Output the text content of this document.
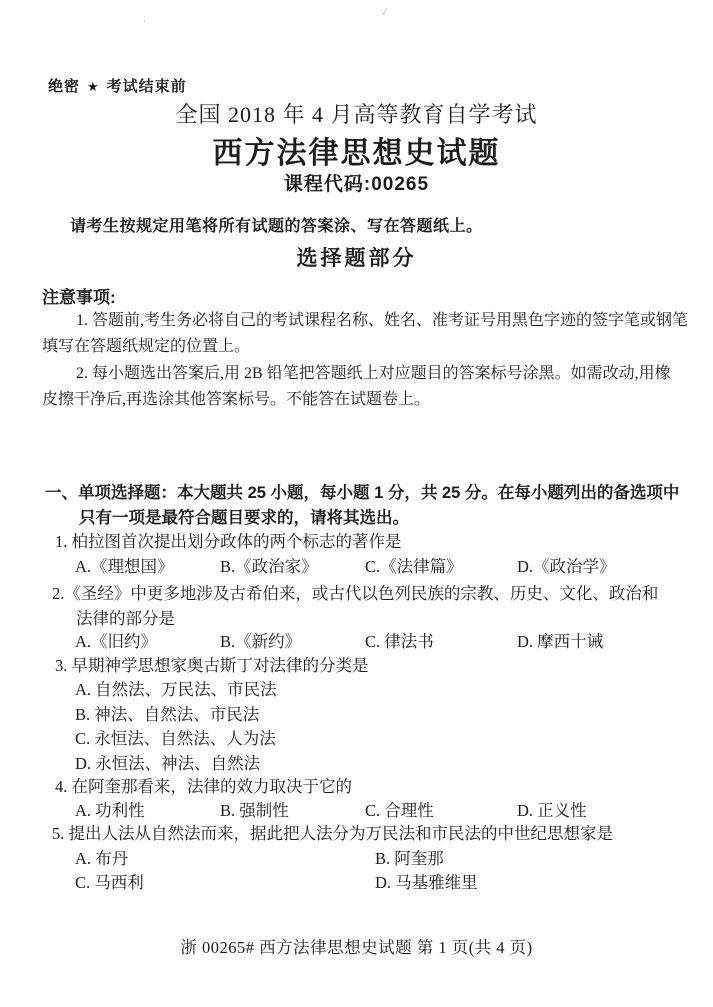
·
✓
绝密 ★ 考试结束前
全国 2018 年 4 月高等教育自学考试
西方法律思想史试题
课程代码:00265
请考生按规定用笔将所有试题的答案涂、写在答题纸上。
选择题部分
注意事项:
1. 答题前,考生务必将自己的考试课程名称、姓名、准考证号用黑色字迹的签字笔或钢笔
填写在答题纸规定的位置上。
2. 每小题选出答案后,用 2B 铅笔把答题纸上对应题目的答案标号涂黑。如需改动,用橡
皮擦干净后,再选涂其他答案标号。不能答在试题卷上。
一、单项选择题：本大题共 25 小题，每小题 1 分，共 25 分。在每小题列出的备选项中
只有一项是最符合题目要求的，请将其选出。
1. 柏拉图首次提出划分政体的两个标志的著作是
A.《理想国》	B.《政治家》	C.《法律篇》	D.《政治学》
2.《圣经》中更多地涉及古希伯来，或古代以色列民族的宗教、历史、文化、政治和
法律的部分是
A.《旧约》	B.《新约》	C. 律法书	D. 摩西十诫
3. 早期神学思想家奥古斯丁对法律的分类是
A. 自然法、万民法、市民法
B. 神法、自然法、市民法
C. 永恒法、自然法、人为法
D. 永恒法、神法、自然法
4. 在阿奎那看来，法律的效力取决于它的
A. 功利性	B. 强制性	C. 合理性	D. 正义性
5. 提出人法从自然法而来，据此把人法分为万民法和市民法的中世纪思想家是
A. 布丹	B. 阿奎那
C. 马西利	D. 马基雅维里
浙 00265# 西方法律思想史试题 第 1 页(共 4 页)
